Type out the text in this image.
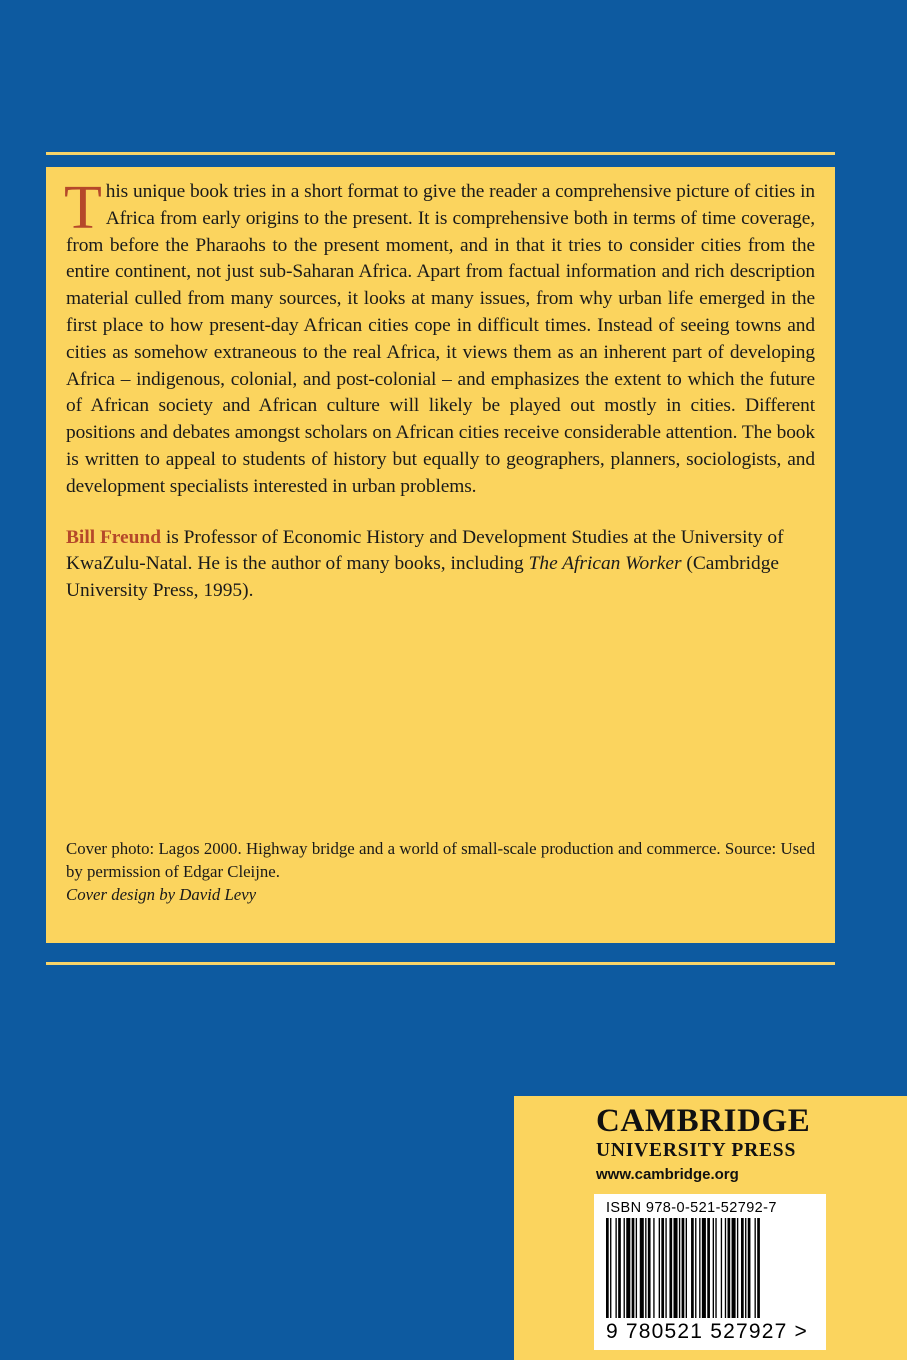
This unique book tries in a short format to give the reader a comprehensive picture of cities in Africa from early origins to the present. It is comprehensive both in terms of time coverage, from before the Pharaohs to the present moment, and in that it tries to consider cities from the entire continent, not just sub-Saharan Africa. Apart from factual information and rich description material culled from many sources, it looks at many issues, from why urban life emerged in the first place to how present-day African cities cope in difficult times. Instead of seeing towns and cities as somehow extraneous to the real Africa, it views them as an inherent part of developing Africa – indigenous, colonial, and post-colonial – and emphasizes the extent to which the future of African society and African culture will likely be played out mostly in cities. Different positions and debates amongst scholars on African cities receive considerable attention. The book is written to appeal to students of history but equally to geographers, planners, sociologists, and development specialists interested in urban problems.

Bill Freund is Professor of Economic History and Development Studies at the University of KwaZulu-Natal. He is the author of many books, including The African Worker (Cambridge University Press, 1995).

Cover photo: Lagos 2000. Highway bridge and a world of small-scale production and commerce. Source: Used by permission of Edgar Cleijne.

Cover design by David Levy

CAMBRIDGE
UNIVERSITY PRESS
www.cambridge.org
ISBN 978-0-521-52792-7
9 780521 527927 >
